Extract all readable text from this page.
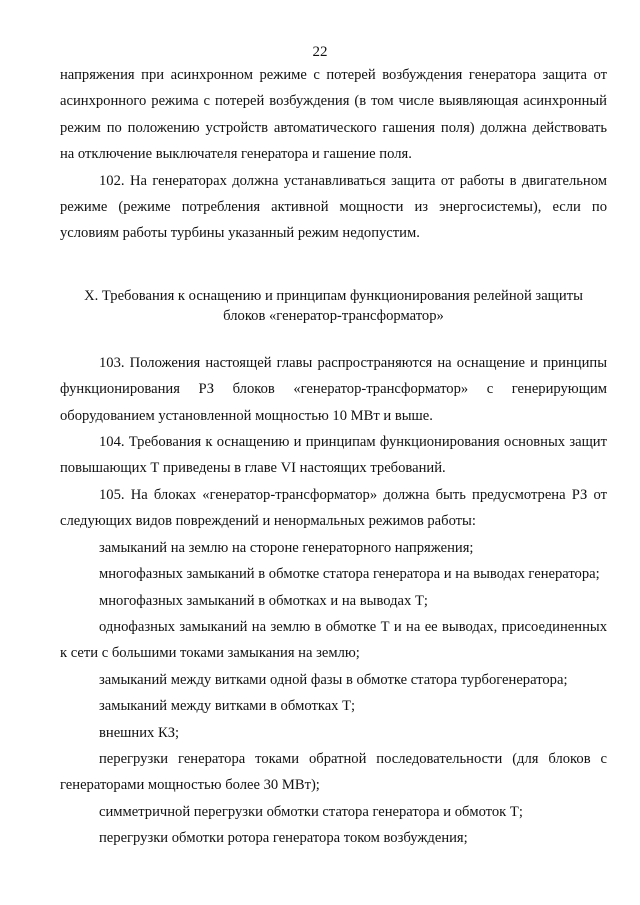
22

напряжения при асинхронном режиме с потерей возбуждения генератора защита от асинхронного режима с потерей возбуждения (в том числе выявляющая асинхронный режим по положению устройств автоматического гашения поля) должна действовать на отключение выключателя генератора и гашение поля.

102. На генераторах должна устанавливаться защита от работы в двигательном режиме (режиме потребления активной мощности из энергосистемы), если по условиям работы турбины указанный режим недопустим.

X. Требования к оснащению и принципам функционирования релейной защиты
блоков «генератор-трансформатор»

103. Положения настоящей главы распространяются на оснащение и принципы функционирования РЗ блоков «генератор-трансформатор» с генерирующим оборудованием установленной мощностью 10 МВт и выше.

104. Требования к оснащению и принципам функционирования основных защит повышающих Т приведены в главе VI настоящих требований.

105. На блоках «генератор-трансформатор» должна быть предусмотрена РЗ от следующих видов повреждений и ненормальных режимов работы:

замыканий на землю на стороне генераторного напряжения;

многофазных замыканий в обмотке статора генератора и на выводах генератора;

многофазных замыканий в обмотках и на выводах Т;

однофазных замыканий на землю в обмотке Т и на ее выводах, присоединенных к сети с большими токами замыкания на землю;

замыканий между витками одной фазы в обмотке статора турбогенератора;

замыканий между витками в обмотках Т;

внешних КЗ;

перегрузки генератора токами обратной последовательности (для блоков с генераторами мощностью более 30 МВт);

симметричной перегрузки обмотки статора генератора и обмоток Т;

перегрузки обмотки ротора генератора током возбуждения;
